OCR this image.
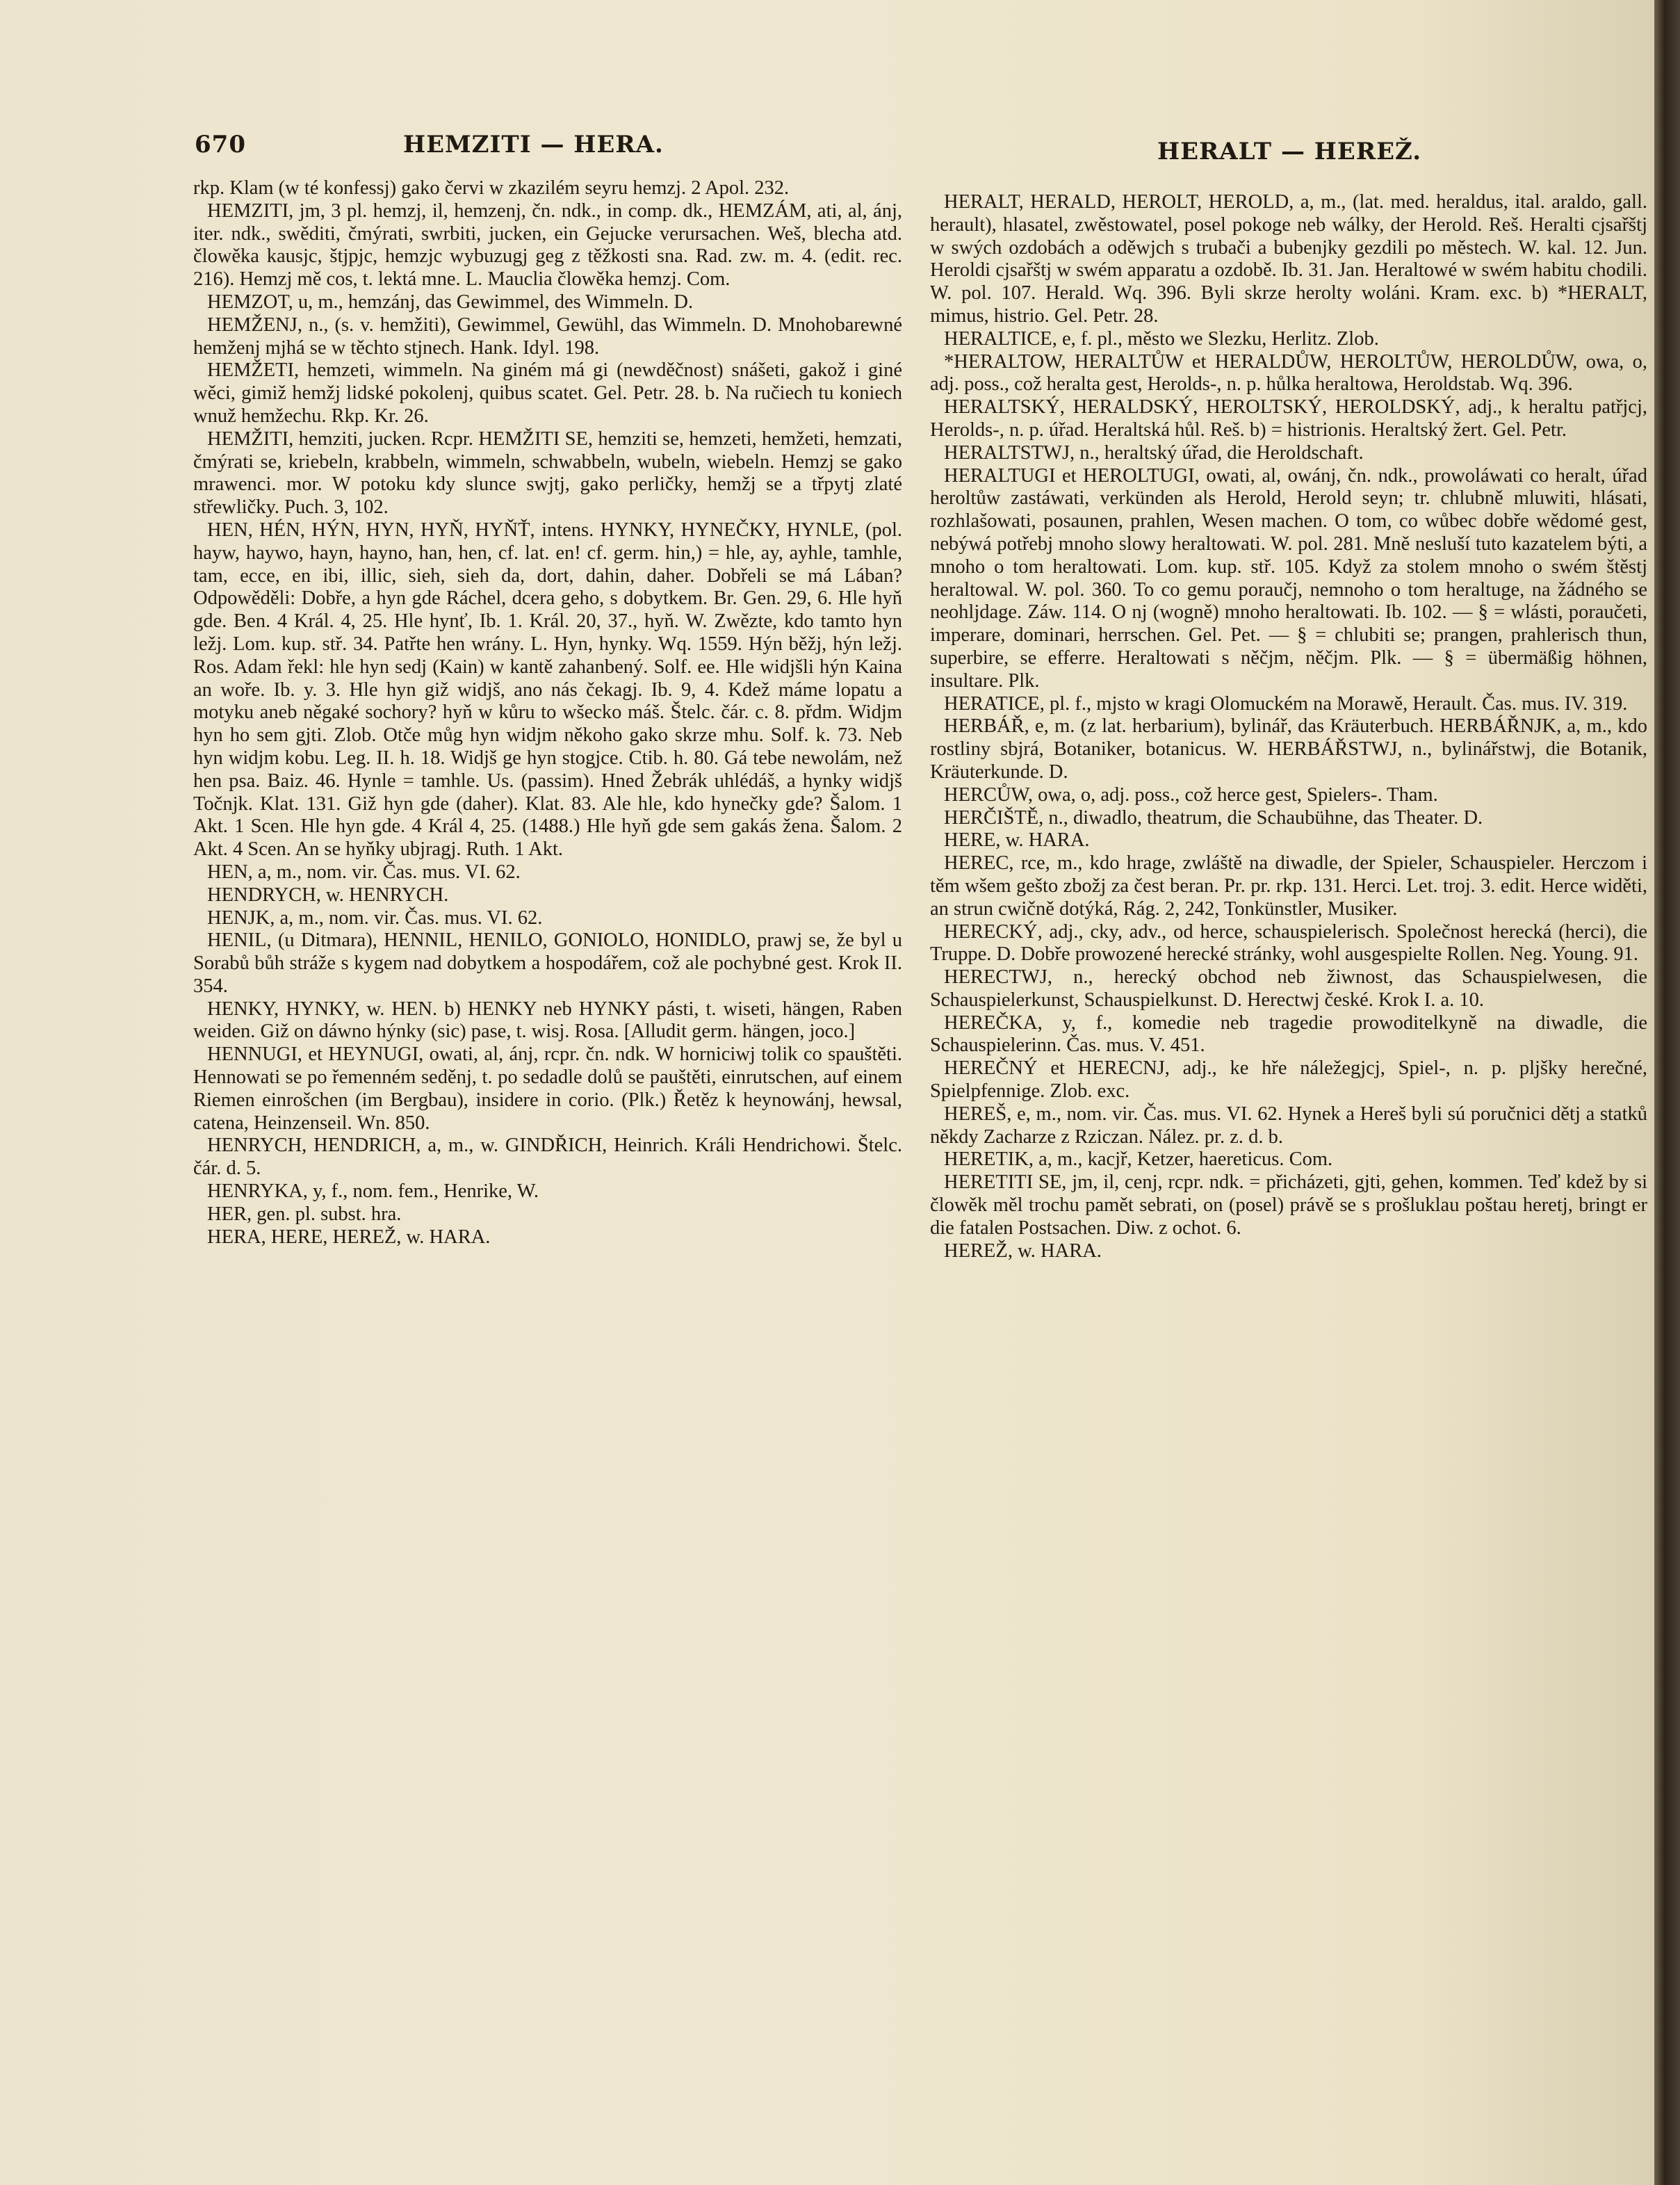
670	HEMZITI — HERA.	HERALT — HEREŽ.

rkp. Klam (w té konfessj) gako červi w zkazilém seyru hemzj. 2 Apol. 232.

HEMZITI, jm, 3 pl. hemzj, il, hemzenj, čn. ndk., in comp. dk., HEMZÁM, ati, al, ánj, iter. ndk., swěditi, čmýrati, swrbiti, jucken, ein Gejucke verursachen. Weš, blecha atd. člowěka kausjc, štjpjc, hemzjc wybuzugj geg z těžkosti sna. Rad. zw. m. 4. (edit. rec. 216). Hemzj mě cos, t. lektá mne. L. Mauclia člowěka hemzj. Com.

HEMZOT, u, m., hemzánj, das Gewimmel, des Wimmeln. D.

HEMŽENJ, n., (s. v. hemžiti), Gewimmel, Gewühl, das Wimmeln. D. Mnohobarewné hemženj mjhá se w těchto stjnech. Hank. Idyl. 198.

HEMŽETI, hemzeti, wimmeln. Na giném má gi (newděčnost) snášeti, gakož i giné wěci, gimiž hemžj lidské pokolenj, quibus scatet. Gel. Petr. 28. b. Na ručiech tu koniech wnuž hemžechu. Rkp. Kr. 26.

HEMŽITI, hemziti, jucken. Rcpr. HEMŽITI SE, hemziti se, hemzeti, hemžeti, hemzati, čmýrati se, kriebeln, krabbeln, wimmeln, schwabbeln, wubeln, wiebeln. Hemzj se gako mrawenci. mor. W potoku kdy slunce swjtj, gako perličky, hemžj se a třpytj zlaté střewličky. Puch. 3, 102.

HEN, HÉN, HÝN, HYN, HYŇ, HYŇŤ, intens. HYNKY, HYNEČKY, HYNLE, (pol. hayw, haywo, hayn, hayno, han, hen, cf. lat. en! cf. germ. hin,) = hle, ay, ayhle, tamhle, tam, ecce, en ibi, illic, sieh, sieh da, dort, dahin, daher. Dobřeli se má Lában? Odpowěděli: Dobře, a hyn gde Ráchel, dcera geho, s dobytkem. Br. Gen. 29, 6. Hle hyň gde. Ben. 4 Král. 4, 25. Hle hynť, Ib. 1. Král. 20, 37., hyň. W. Zwězte, kdo tamto hyn ležj. Lom. kup. stř. 34. Patřte hen wrány. L. Hyn, hynky. Wq. 1559. Hýn běžj, hýn ležj. Ros. Adam řekl: hle hyn sedj (Kain) w kantě zahanbený. Solf. ee. Hle widjšli hýn Kaina an woře. Ib. y. 3. Hle hyn giž widjš, ano nás čekagj. Ib. 9, 4. Kdež máme lopatu a motyku aneb něgaké sochory? hyň w kůru to wšecko máš. Štelc. čár. c. 8. přdm. Widjm hyn ho sem gjti. Zlob. Otče můg hyn widjm někoho gako skrze mhu. Solf. k. 73. Neb hyn widjm kobu. Leg. II. h. 18. Widjš ge hyn stogjce. Ctib. h. 80. Gá tebe newolám, než hen psa. Baiz. 46. Hynle = tamhle. Us. (passim). Hned Žebrák uhlédáš, a hynky widjš Točnjk. Klat. 131. Giž hyn gde (daher). Klat. 83. Ale hle, kdo hynečky gde? Šalom. 1 Akt. 1 Scen. Hle hyn gde. 4 Král 4, 25. (1488.) Hle hyň gde sem gakás žena. Šalom. 2 Akt. 4 Scen. An se hyňky ubjragj. Ruth. 1 Akt.

HEN, a, m., nom. vir. Čas. mus. VI. 62.

HENDRYCH, w. HENRYCH.

HENJK, a, m., nom. vir. Čas. mus. VI. 62.

HENIL, (u Ditmara), HENNIL, HENILO, GONIOLO, HONIDLO, prawj se, že byl u Sorabů bůh stráže s kygem nad dobytkem a hospodářem, což ale pochybné gest. Krok II. 354.

HENKY, HYNKY, w. HEN. b) HENKY neb HYNKY pásti, t. wiseti, hängen, Raben weiden. Giž on dáwno hýnky (sic) pase, t. wisj. Rosa. [Alludit germ. hängen, joco.]

HENNUGI, et HEYNUGI, owati, al, ánj, rcpr. čn. ndk. W horniciwj tolik co spauštěti. Hennowati se po řemenném seděnj, t. po sedadle dolů se pauštěti, einrutschen, auf einem Riemen einrošchen (im Bergbau), insidere in corio. (Plk.) Řetěz k heynowánj, hewsal, catena, Heinzenseil. Wn. 850.

HENRYCH, HENDRICH, a, m., w. GINDŘICH, Heinrich. Králi Hendrichowi. Štelc. čár. d. 5.

HENRYKA, y, f., nom. fem., Henrike, W.

HER, gen. pl. subst. hra.

HERA, HERE, HEREŽ, w. HARA.

HERALT, HERALD, HEROLT, HEROLD, a, m., (lat. med. heraldus, ital. araldo, gall. herault), hlasatel, zwěstowatel, posel pokoge neb wálky, der Herold. Reš. Heralti cjsařštj w swých ozdobách a oděwjch s trubači a bubenjky gezdili po městech. W. kal. 12. Jun. Heroldi cjsařštj w swém apparatu a ozdobě. Ib. 31. Jan. Heraltowé w swém habitu chodili. W. pol. 107. Herald. Wq. 396. Byli skrze herolty woláni. Kram. exc. b) *HERALT, mimus, histrio. Gel. Petr. 28.

HERALTICE, e, f. pl., město we Slezku, Herlitz. Zlob.

*HERALTOW, HERALTŮW et HERALDŮW, HEROLTŮW, HEROLDŮW, owa, o, adj. poss., což heralta gest, Herolds-, n. p. hůlka heraltowa, Heroldstab. Wq. 396.

HERALTSKÝ, HERALDSKÝ, HEROLTSKÝ, HEROLDSKÝ, adj., k heraltu patřjcj, Herolds-, n. p. úřad. Heraltská hůl. Reš. b) = histrionis. Heraltský žert. Gel. Petr.

HERALTSTWJ, n., heraltský úřad, die Heroldschaft.

HERALTUGI et HEROLTUGI, owati, al, owánj, čn. ndk., prowoláwati co heralt, úřad heroltůw zastáwati, verkünden als Herold, Herold seyn; tr. chlubně mluwiti, hlásati, rozhlašowati, posaunen, prahlen, Wesen machen. O tom, co wůbec dobře wědomé gest, nebýwá potřebj mnoho slowy heraltowati. W. pol. 281. Mně nesluší tuto kazatelem býti, a mnoho o tom heraltowati. Lom. kup. stř. 105. Když za stolem mnoho o swém štěstj heraltowal. W. pol. 360. To co gemu poraučj, nemnoho o tom heraltuge, na žádného se neohljdage. Záw. 114. O nj (wogně) mnoho heraltowati. Ib. 102. — § = wlásti, poraučeti, imperare, dominari, herrschen. Gel. Pet. — § = chlubiti se; prangen, prahlerisch thun, superbire, se efferre. Heraltowati s něčjm, něčjm. Plk. — § = übermäßig höhnen, insultare. Plk.

HERATICE, pl. f., mjsto w kragi Olomuckém na Morawě, Herault. Čas. mus. IV. 319.

HERBÁŘ, e, m. (z lat. herbarium), bylinář, das Kräuterbuch. HERBÁŘNJK, a, m., kdo rostliny sbjrá, Botaniker, botanicus. W. HERBÁŘSTWJ, n., bylinářstwj, die Botanik, Kräuterkunde. D.

HERCŮW, owa, o, adj. poss., což herce gest, Spielers-. Tham.

HERČIŠTĚ, n., diwadlo, theatrum, die Schaubühne, das Theater. D.

HERE, w. HARA.

HEREC, rce, m., kdo hrage, zwláště na diwadle, der Spieler, Schauspieler. Herczom i těm wšem gešto zbožj za čest beran. Pr. pr. rkp. 131. Herci. Let. troj. 3. edit. Herce widěti, an strun cwičně dotýká, Rág. 2, 242, Tonkünstler, Musiker.

HERECKÝ, adj., cky, adv., od herce, schauspielerisch. Společnost herecká (herci), die Truppe. D. Dobře prowozené herecké stránky, wohl ausgespielte Rollen. Neg. Young. 91.

HERECTWJ, n., herecký obchod neb žiwnost, das Schauspielwesen, die Schauspielerkunst, Schauspielkunst. D. Herectwj české. Krok I. a. 10.

HEREČKA, y, f., komedie neb tragedie prowoditelkyně na diwadle, die Schauspielerinn. Čas. mus. V. 451.

HEREČNÝ et HERECNJ, adj., ke hře náležegjcj, Spiel-, n. p. pljšky herečné, Spielpfennige. Zlob. exc.

HEREŠ, e, m., nom. vir. Čas. mus. VI. 62. Hynek a Hereš byli sú poručnici dětj a statků někdy Zacharze z Rziczan. Nález. pr. z. d. b.

HERETIK, a, m., kacjř, Ketzer, haereticus. Com.

HERETITI SE, jm, il, cenj, rcpr. ndk. = přicházeti, gjti, gehen, kommen. Teď kdež by si člowěk měl trochu pamět sebrati, on (posel) právě se s prošluklau poštau heretj, bringt er die fatalen Postsachen. Diw. z ochot. 6.

HEREŽ, w. HARA.
